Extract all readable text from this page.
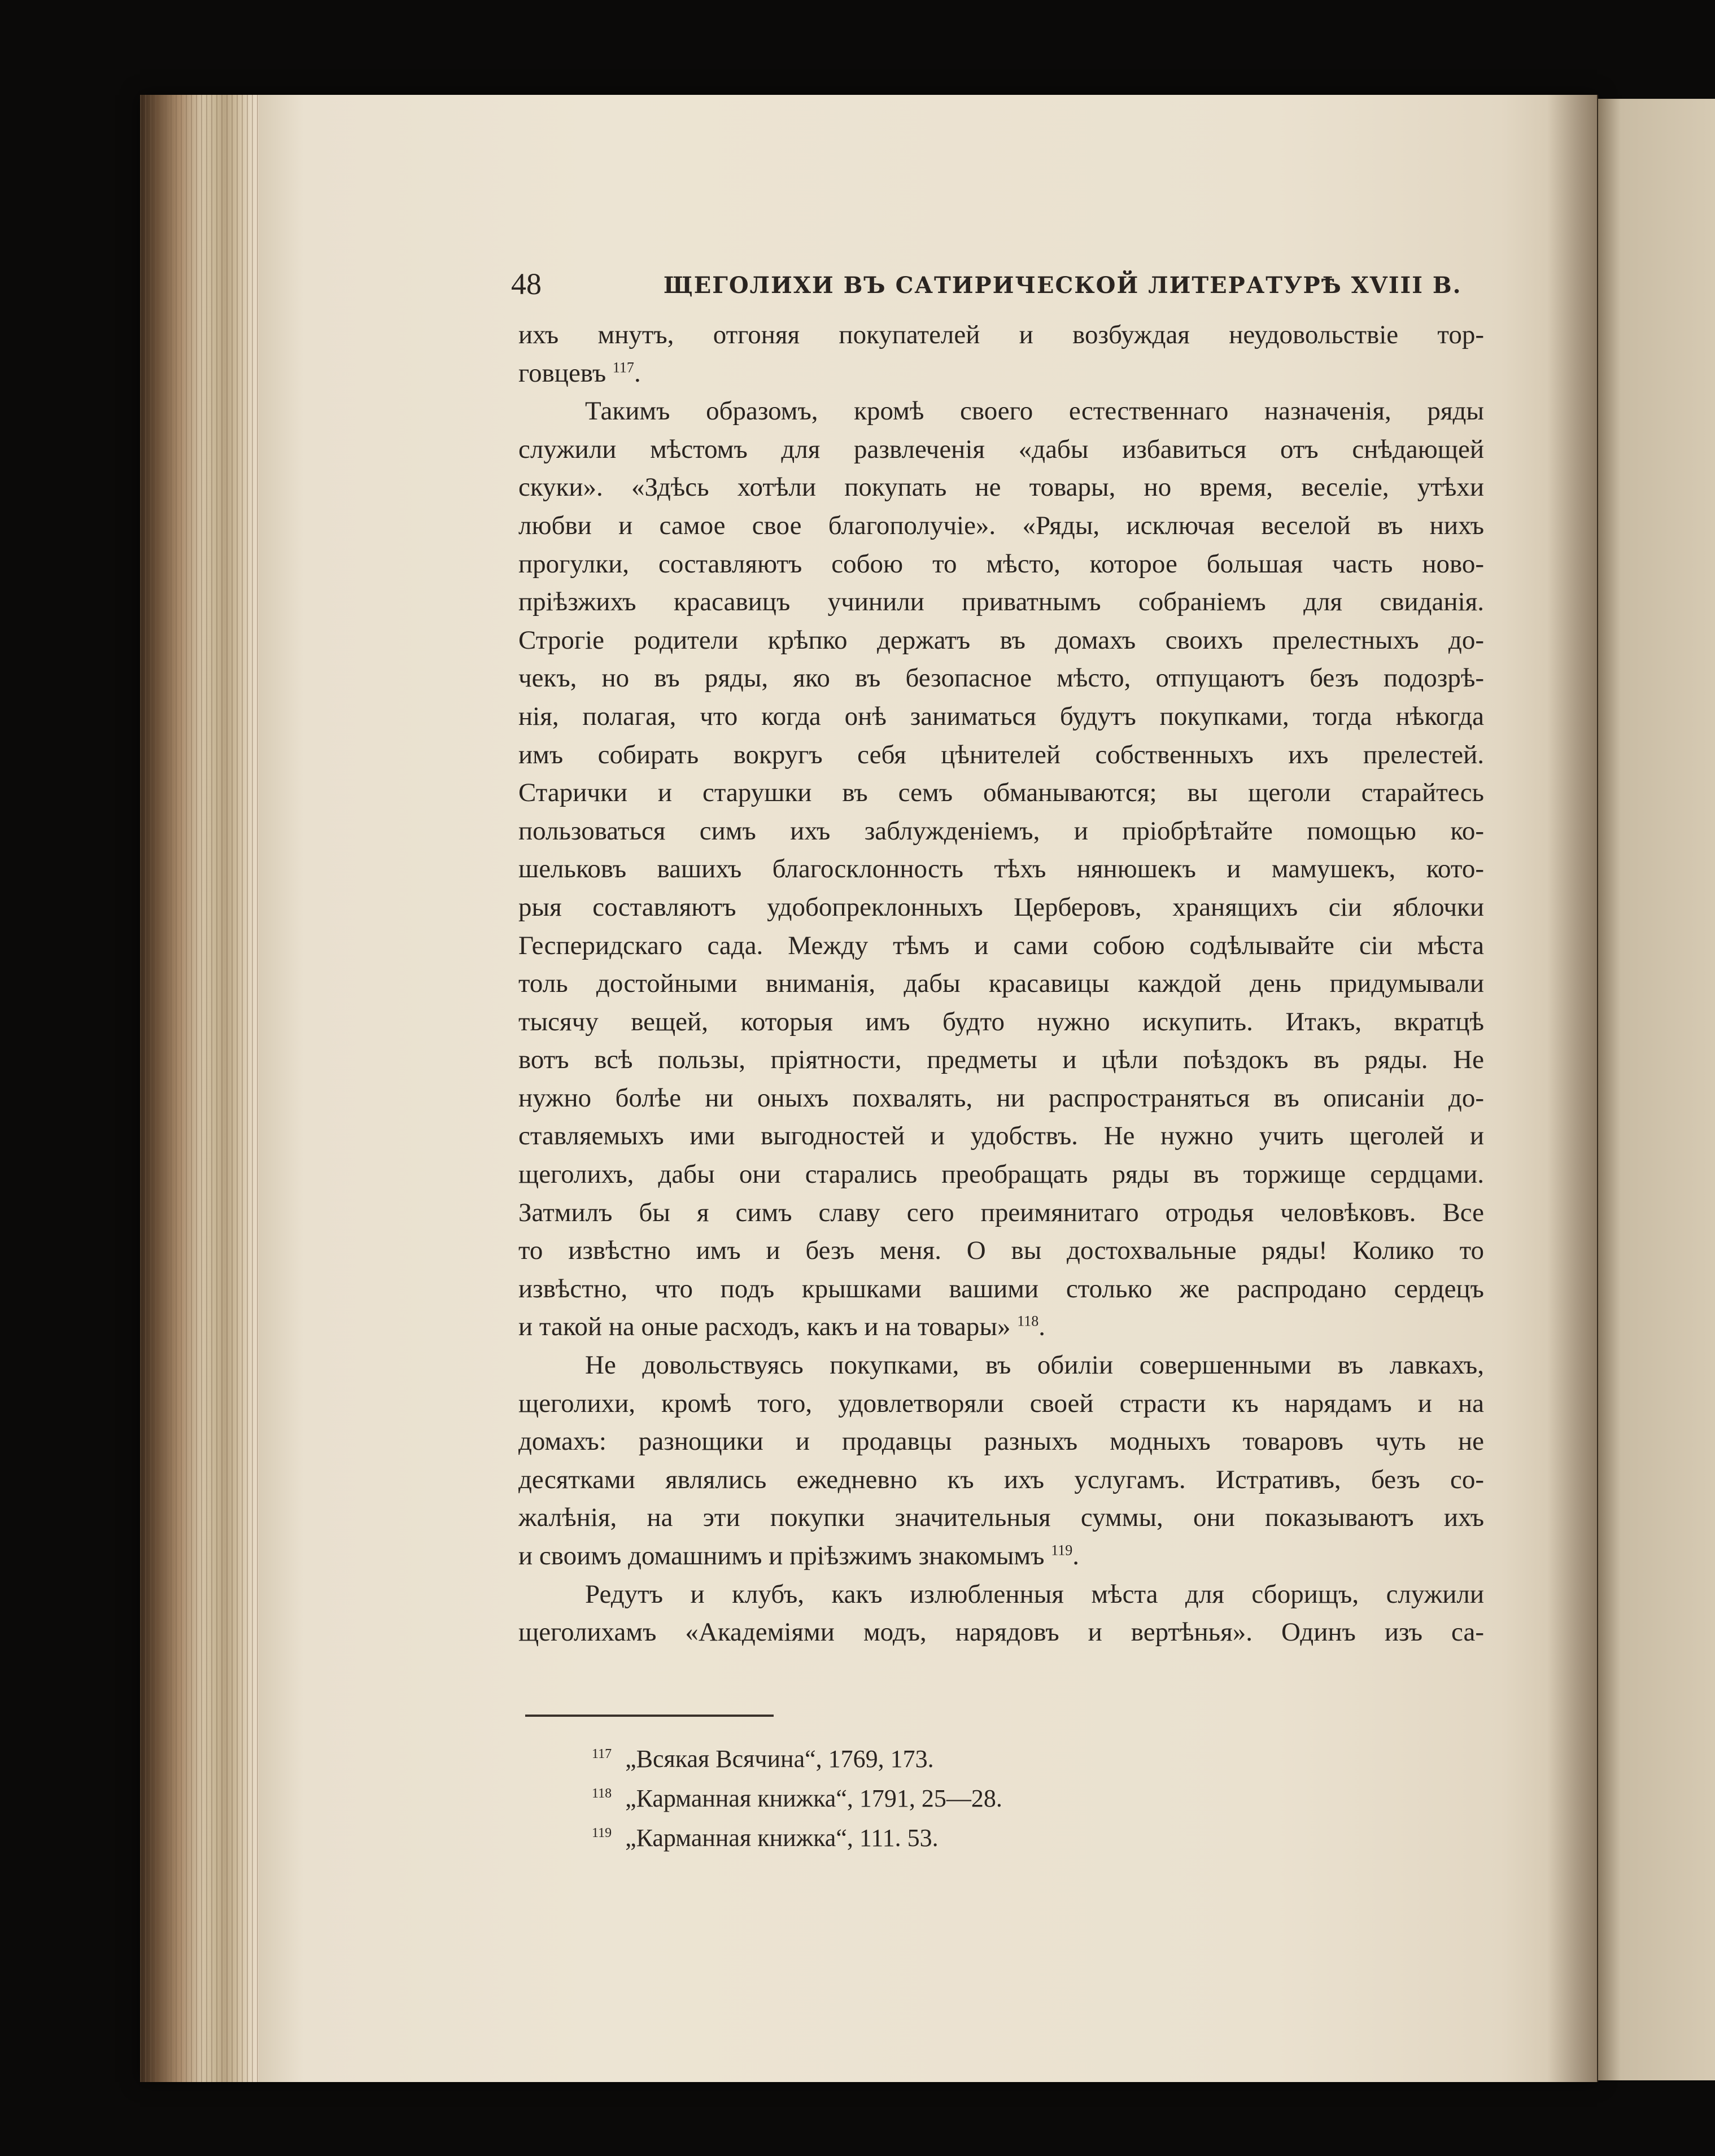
48	ЩЕГОЛИХИ ВЪ САТИРИЧЕСКОЙ ЛИТЕРАТУРѢ XVIII В.
ихъ мнутъ, отгоняя покупателей и возбуждая неудовольствіе тор-
говцевъ $^{117}$.
Такимъ образомъ, кромѣ своего естественнаго назначенія, ряды
служили мѣстомъ для развлеченія «дабы избавиться отъ снѣдающей
скуки». «Здѣсь хотѣли покупать не товары, но время, веселіе, утѣхи
любви и самое свое благополучіе». «Ряды, исключая веселой въ нихъ
прогулки, составляютъ собою то мѣсто, которое большая часть ново-
пріѣзжихъ красавицъ учинили приватнымъ собраніемъ для свиданія.
Строгіе родители крѣпко держатъ въ домахъ своихъ прелестныхъ до-
чекъ, но въ ряды, яко въ безопасное мѣсто, отпущаютъ безъ подозрѣ-
нія, полагая, что когда онѣ заниматься будутъ покупками, тогда нѣкогда
имъ собирать вокругъ себя цѣнителей собственныхъ ихъ прелестей.
Старички и старушки въ семъ обманываются; вы щеголи старайтесь
пользоваться симъ ихъ заблужденіемъ, и пріобрѣтайте помощью ко-
шельковъ вашихъ благосклонность тѣхъ нянюшекъ и мамушекъ, кото-
рыя составляютъ удобопреклонныхъ Церберовъ, хранящихъ сіи яблочки
Гесперидскаго сада. Между тѣмъ и сами собою содѣлывайте сіи мѣста
толь достойными вниманія, дабы красавицы каждой день придумывали
тысячу вещей, которыя имъ будто нужно искупить. Итакъ, вкратцѣ
вотъ всѣ пользы, пріятности, предметы и цѣли поѣздокъ въ ряды. Не
нужно болѣе ни оныхъ похвалять, ни распространяться въ описаніи до-
ставляемыхъ ими выгодностей и удобствъ. Не нужно учить щеголей и
щеголихъ, дабы они старались преобращать ряды въ торжище сердцами.
Затмилъ бы я симъ славу сего преимянитаго отродья человѣковъ. Все
то извѣстно имъ и безъ меня. О вы достохвальные ряды! Колико то
извѣстно, что подъ крышками вашими столько же распродано сердецъ
и такой на оные расходъ, какъ и на товары» $^{118}$.
Не довольствуясь покупками, въ обиліи совершенными въ лавкахъ,
щеголихи, кромѣ того, удовлетворяли своей страсти къ нарядамъ и на
домахъ: разнощики и продавцы разныхъ модныхъ товаровъ чуть не
десятками являлись ежедневно къ ихъ услугамъ. Истративъ, безъ со-
жалѣнія, на эти покупки значительныя суммы, они показываютъ ихъ
и своимъ домашнимъ и пріѣзжимъ знакомымъ $^{119}$.
Редутъ и клубъ, какъ излюбленныя мѣста для сборищъ, служили
щеголихамъ «Академіями модъ, нарядовъ и вертѣнья». Одинъ изъ са-
$^{117}$ „Всякая Всячина“, 1769, 173.
$^{118}$ „Карманная книжка“, 1791, 25—28.
$^{119}$ „Карманная книжка“, 111. 53.
